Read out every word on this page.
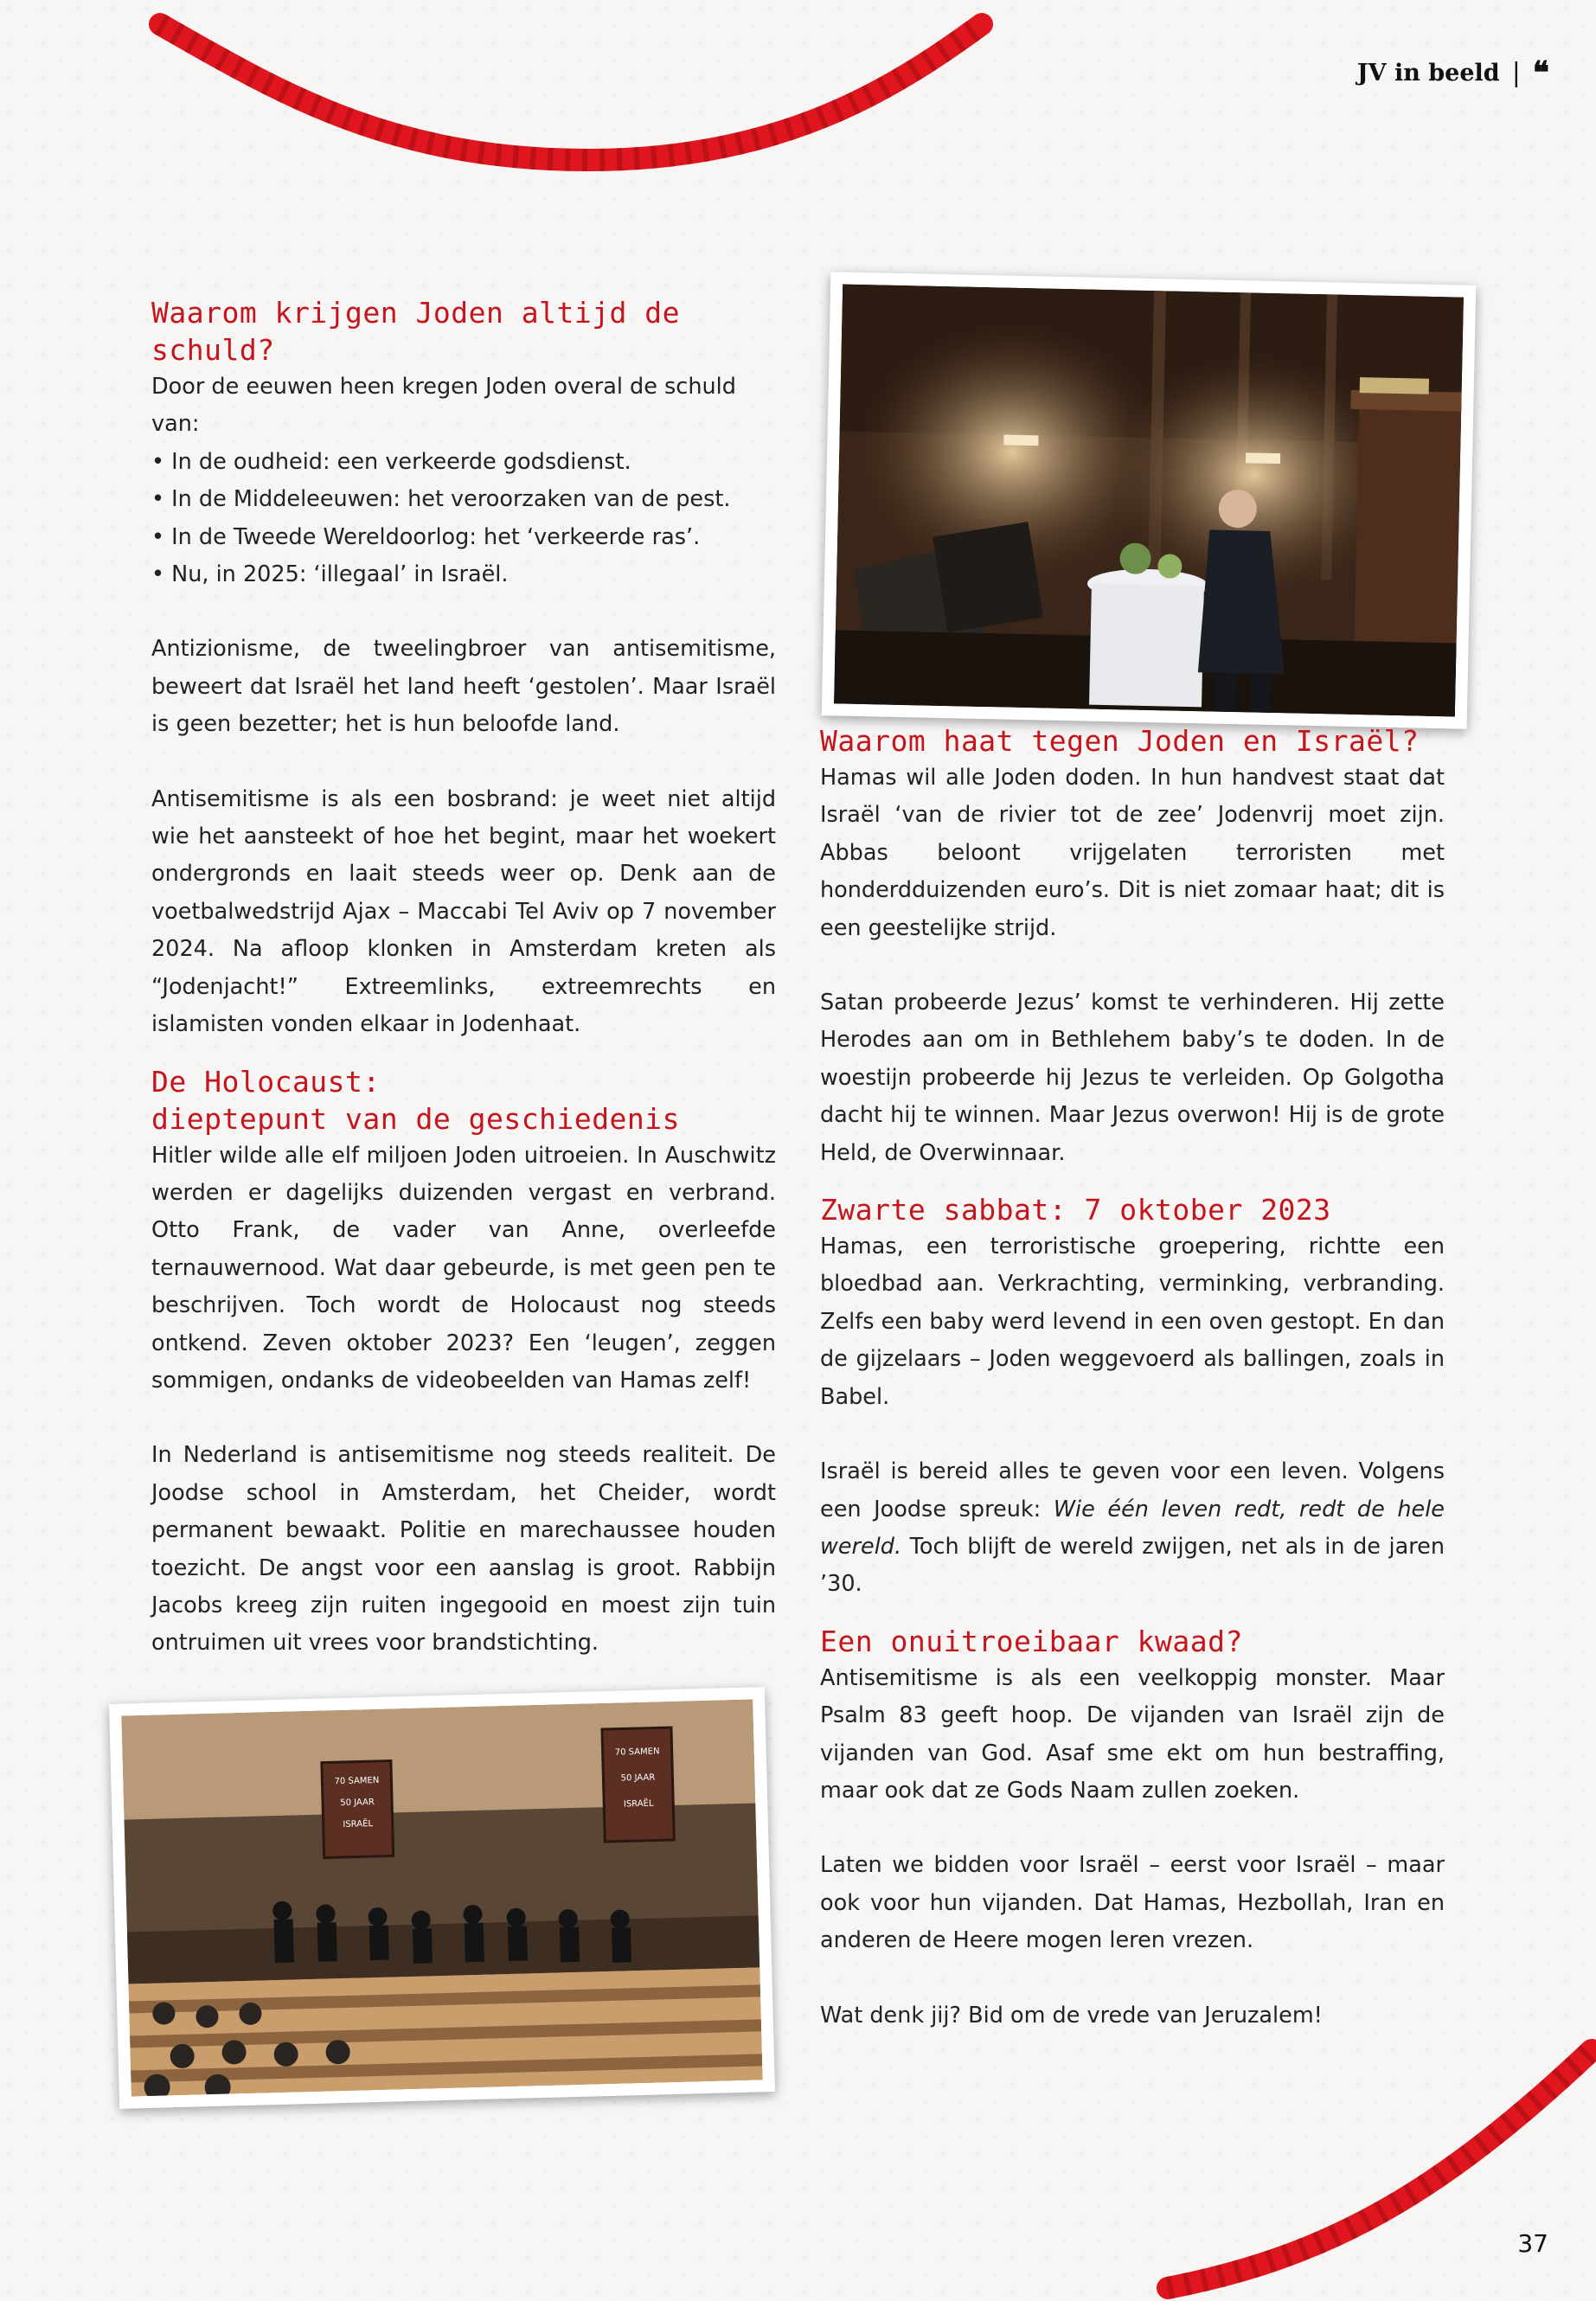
JV in beeld | ❛❛
70 SAMEN
50 JAAR
ISRAËL
70 SAMEN
50 JAAR
ISRAËL
Waarom krijgen Joden altijd de schuld?

Door de eeuwen heen kregen Joden overal de schuld van:

• In de oudheid: een verkeerde godsdienst.

• In de Middeleeuwen: het veroorzaken van de pest.

• In de Tweede Wereldoorlog: het ‘verkeerde ras’.

• Nu, in 2025: ‘illegaal’ in Israël.

Antizionisme, de tweelingbroer van antisemitisme, beweert dat Israël het land heeft ‘gestolen’. Maar Israël is geen bezetter; het is hun beloofde land.

Antisemitisme is als een bosbrand: je weet niet altijd wie het aansteekt of hoe het begint, maar het woekert ondergronds en laait steeds weer op. Denk aan de voetbalwedstrijd Ajax – Maccabi Tel Aviv op 7 november 2024. Na afloop klonken in Amsterdam kreten als “Jodenjacht!” Extreemlinks, extreemrechts en islamisten vonden elkaar in Jodenhaat.

De Holocaust:
dieptepunt van de geschiedenis

Hitler wilde alle elf miljoen Joden uitroeien. In Auschwitz werden er dagelijks duizenden vergast en verbrand. Otto Frank, de vader van Anne, overleefde ternauwernood. Wat daar gebeurde, is met geen pen te beschrijven. Toch wordt de Holocaust nog steeds ontkend. Zeven oktober 2023? Een ‘leugen’, zeggen sommigen, ondanks de videobeelden van Hamas zelf!

In Nederland is antisemitisme nog steeds realiteit. De Joodse school in Amsterdam, het Cheider, wordt permanent bewaakt. Politie en marechaussee houden toezicht. De angst voor een aanslag is groot. Rabbijn Jacobs kreeg zijn ruiten ingegooid en moest zijn tuin ontruimen uit vrees voor brandstichting.

Waarom haat tegen Joden en Israël?

Hamas wil alle Joden doden. In hun handvest staat dat Israël ‘van de rivier tot de zee’ Jodenvrij moet zijn. Abbas beloont vrijgelaten terroristen met honderdduizenden euro’s. Dit is niet zomaar haat; dit is een geestelijke strijd.

Satan probeerde Jezus’ komst te verhinderen. Hij zette Herodes aan om in Bethlehem baby’s te doden. In de woestijn probeerde hij Jezus te verleiden. Op Golgotha dacht hij te winnen. Maar Jezus overwon! Hij is de grote Held, de Overwinnaar.

Zwarte sabbat: 7 oktober 2023

Hamas, een terroristische groepering, richtte een bloedbad aan. Verkrachting, verminking, verbranding. Zelfs een baby werd levend in een oven gestopt. En dan de gijzelaars – Joden weggevoerd als ballingen, zoals in Babel.

Israël is bereid alles te geven voor een leven. Volgens een Joodse spreuk: Wie één leven redt, redt de hele wereld. Toch blijft de wereld zwijgen, net als in de jaren ’30.

Een onuitroeibaar kwaad?

Antisemitisme is als een veelkoppig monster. Maar Psalm 83 geeft hoop. De vijanden van Israël zijn de vijanden van God. Asaf sme ekt om hun bestraffing, maar ook dat ze Gods Naam zullen zoeken.

Laten we bidden voor Israël – eerst voor Israël – maar ook voor hun vijanden. Dat Hamas, Hezbollah, Iran en anderen de Heere mogen leren vrezen.

Wat denk jij? Bid om de vrede van Jeruzalem!

37
